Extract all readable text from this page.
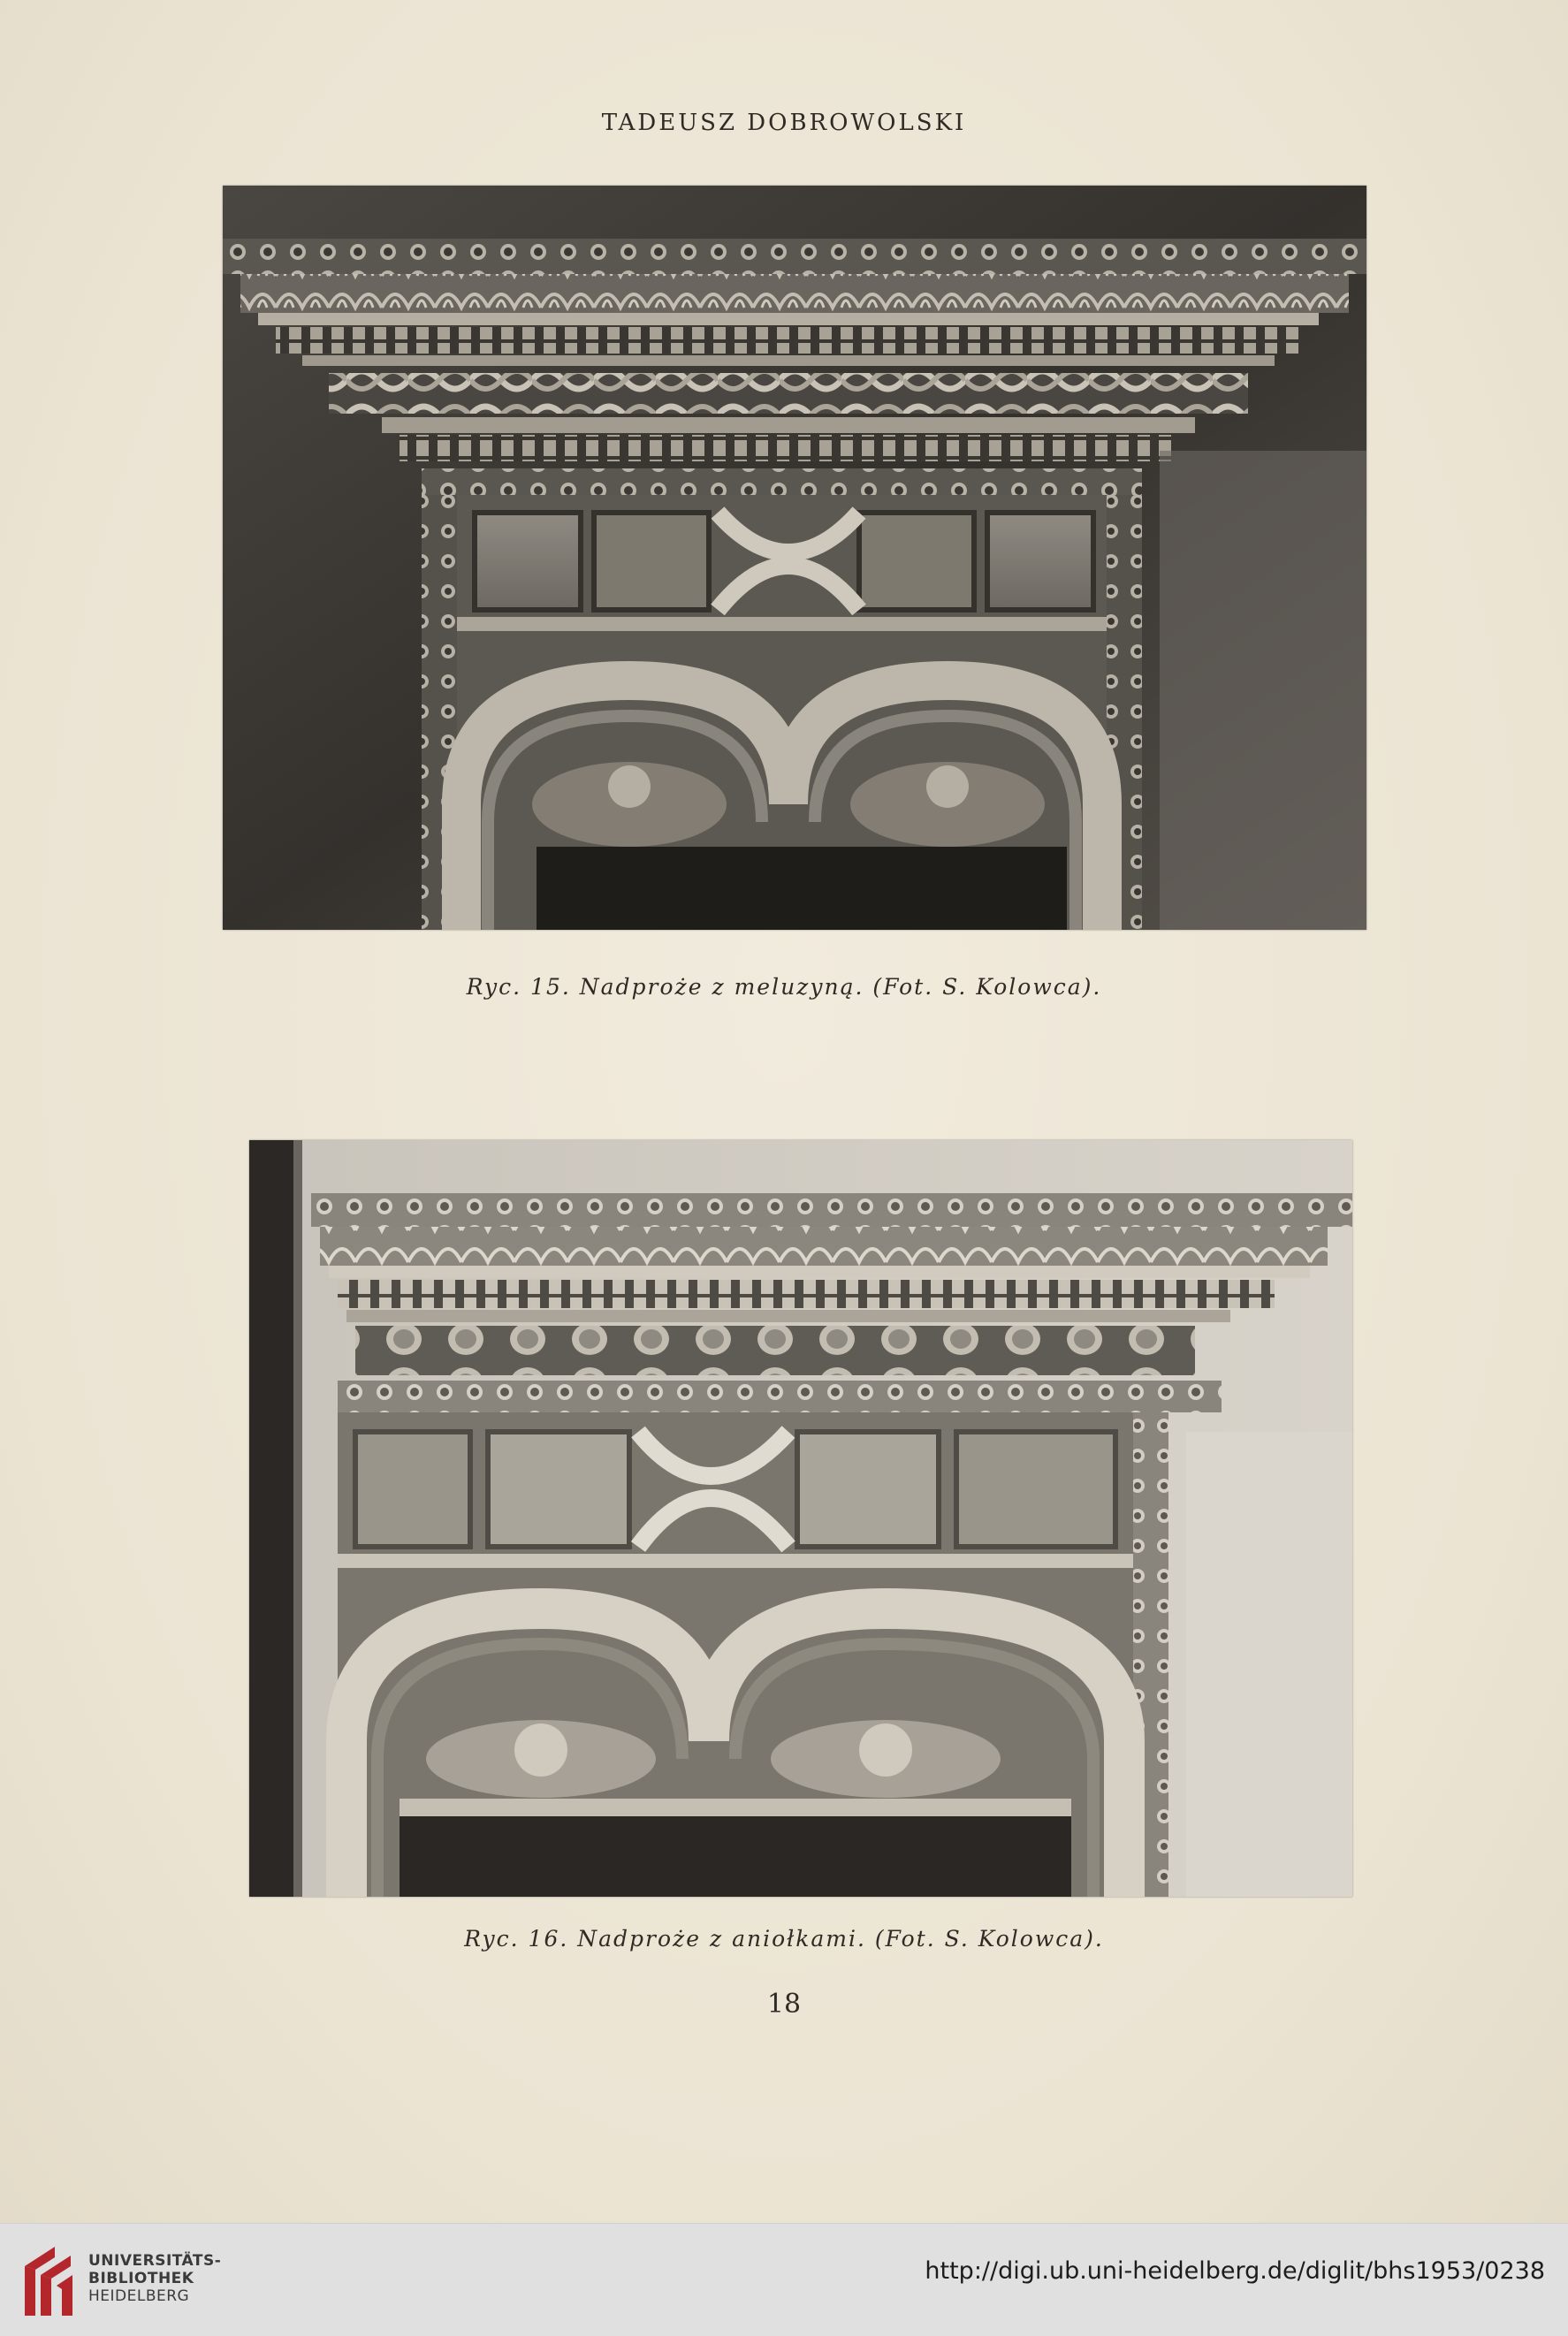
TADEUSZ DOBROWOLSKI
Ryc. 15. Nadproże z meluzyną. (Fot. S. Kolowca).
Ryc. 16. Nadproże z aniołkami. (Fot. S. Kolowca).
18
UNIVERSITÄTS-
BIBLIOTHEK
HEIDELBERG
http://digi.ub.uni-heidelberg.de/diglit/bhs1953/0238
